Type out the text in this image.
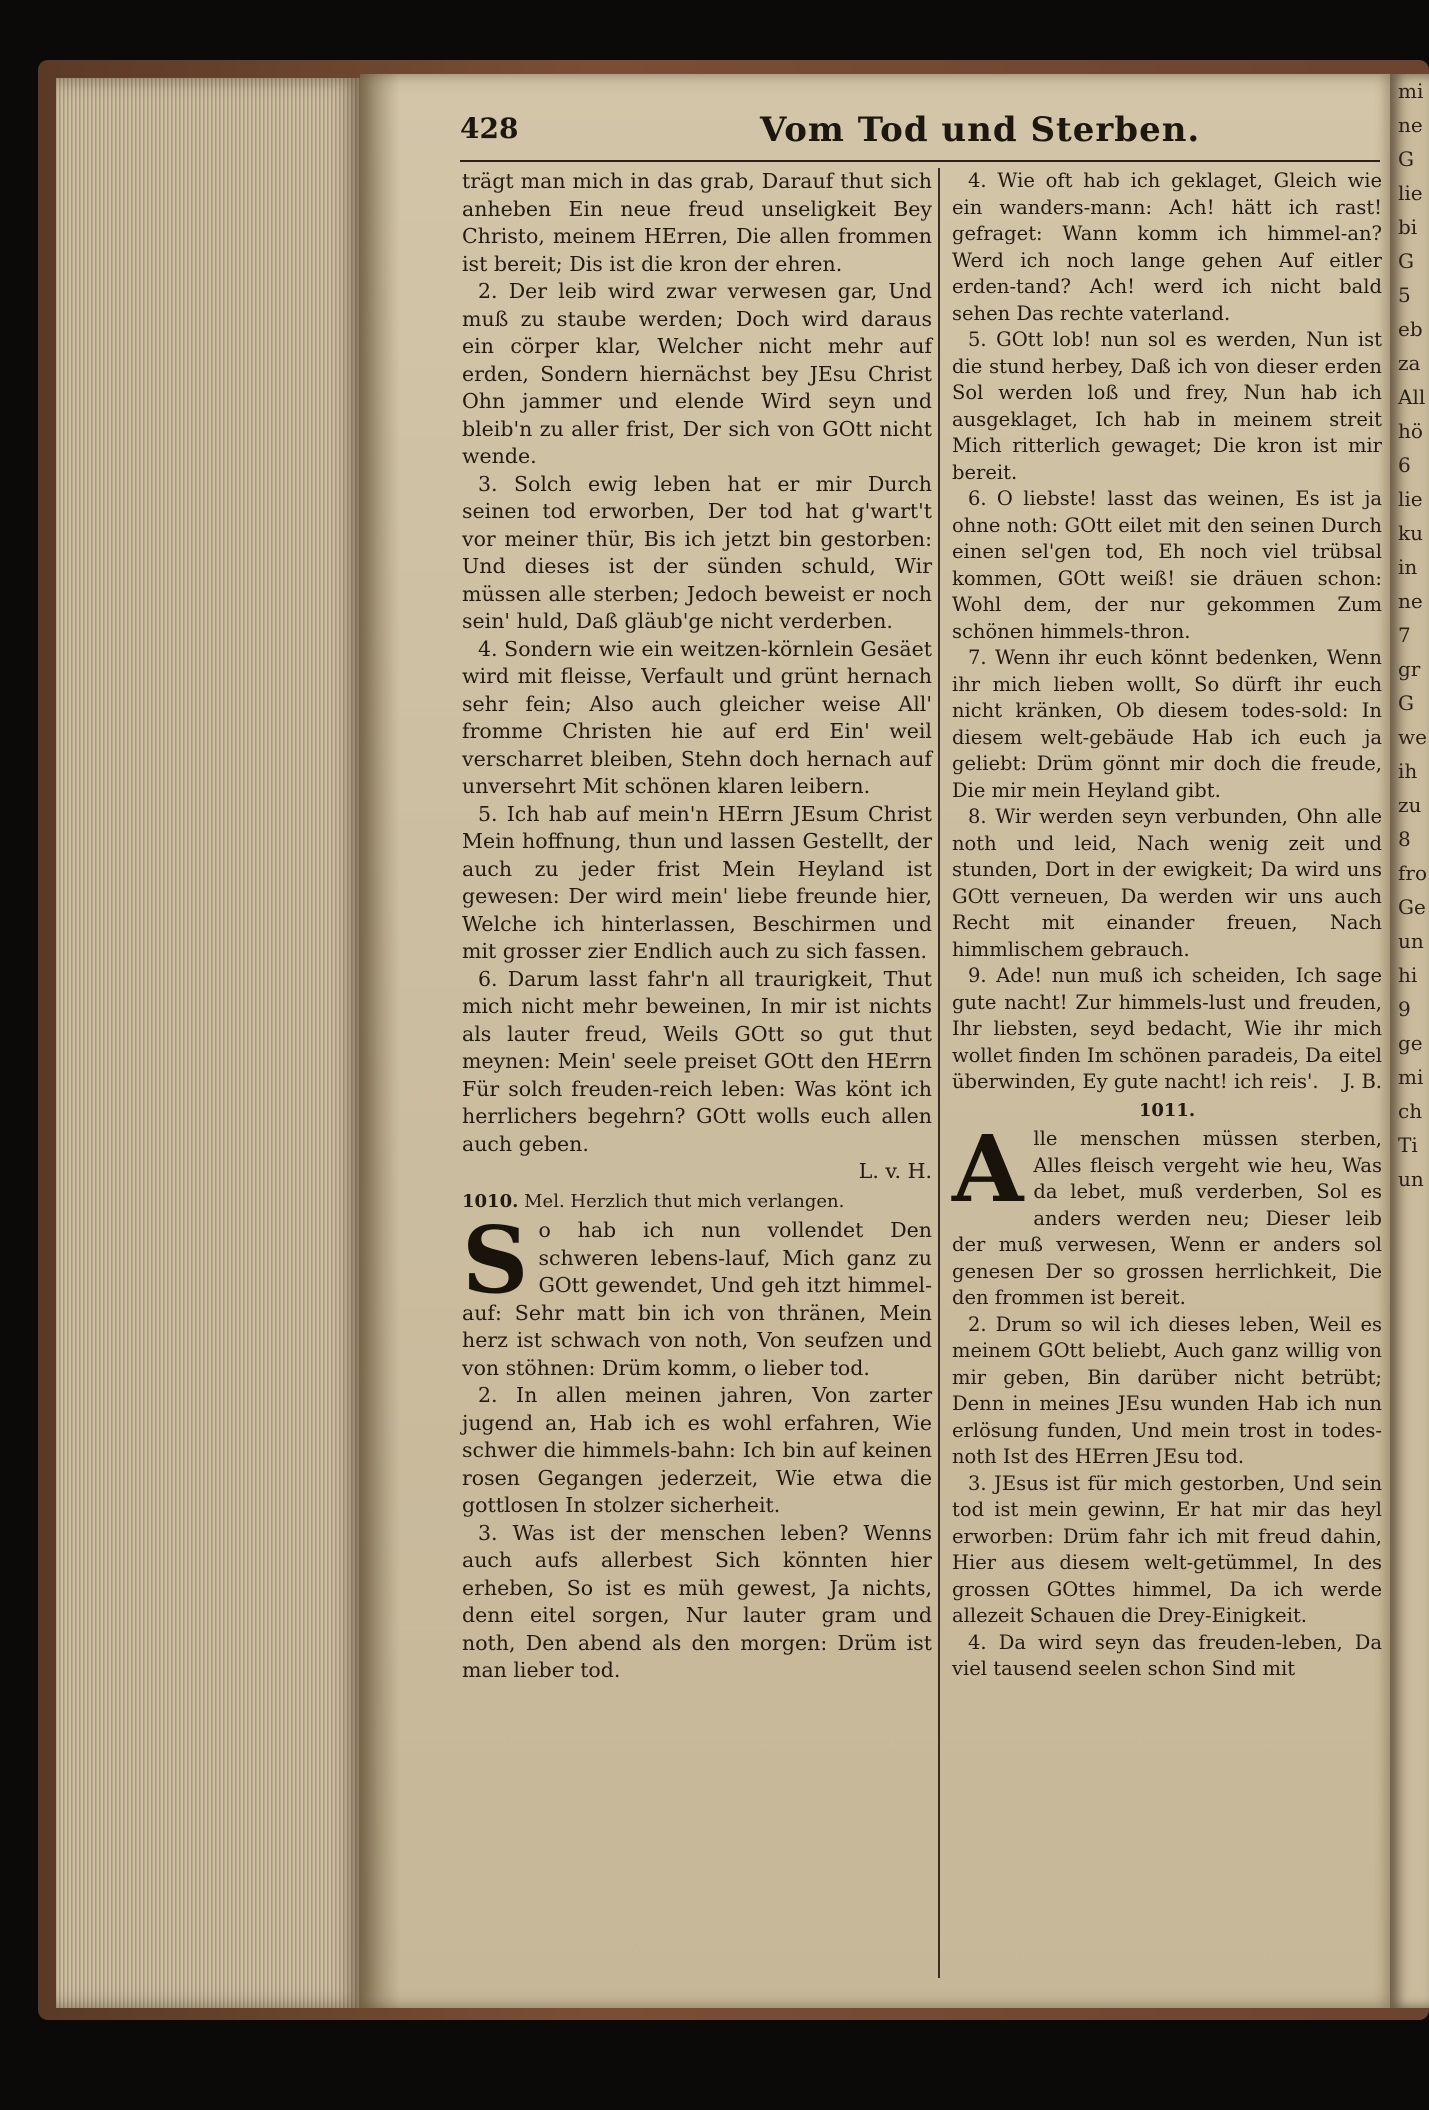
mi
ne
G
lie
bi
G
5
eb
za
All
hö
6
lie
ku
in
ne
7
gr
G
we
ih
zu
8
fro
Ge
un
hi
9
ge
mi
ch
Ti
un
428	Vom Tod und Sterben.

trägt man mich in das grab, Darauf thut sich anheben Ein neue freud unseligkeit Bey Christo, meinem HErren, Die allen frommen ist bereit; Dis ist die kron der ehren.

2. Der leib wird zwar verwesen gar, Und muß zu staube werden; Doch wird daraus ein cörper klar, Welcher nicht mehr auf erden, Sondern hiernächst bey JEsu Christ Ohn jammer und elende Wird seyn und bleib'n zu aller frist, Der sich von GOtt nicht wende.

3. Solch ewig leben hat er mir Durch seinen tod erworben, Der tod hat g'wart't vor meiner thür, Bis ich jetzt bin gestorben: Und dieses ist der sünden schuld, Wir müssen alle sterben; Jedoch beweist er noch sein' huld, Daß gläub'ge nicht verderben.

4. Sondern wie ein weitzen-körnlein Gesäet wird mit fleisse, Verfault und grünt hernach sehr fein; Also auch gleicher weise All' fromme Christen hie auf erd Ein' weil verscharret bleiben, Stehn doch hernach auf unversehrt Mit schönen klaren leibern.

5. Ich hab auf mein'n HErrn JEsum Christ Mein hoffnung, thun und lassen Gestellt, der auch zu jeder frist Mein Heyland ist gewesen: Der wird mein' liebe freunde hier, Welche ich hinterlassen, Beschirmen und mit grosser zier Endlich auch zu sich fassen.

6. Darum lasst fahr'n all traurigkeit, Thut mich nicht mehr beweinen, In mir ist nichts als lauter freud, Weils GOtt so gut thut meynen: Mein' seele preiset GOtt den HErrn Für solch freuden-reich leben: Was könt ich herrlichers begehrn? GOtt wolls euch allen auch geben.

L. v. H.

1010. Mel. Herzlich thut mich verlangen.

So hab ich nun vollendet Den schweren lebens-lauf, Mich ganz zu GOtt gewendet, Und geh itzt himmel-auf: Sehr matt bin ich von thränen, Mein herz ist schwach von noth, Von seufzen und von stöhnen: Drüm komm, o lieber tod.

2. In allen meinen jahren, Von zarter jugend an, Hab ich es wohl erfahren, Wie schwer die himmels-bahn: Ich bin auf keinen rosen Gegangen jederzeit, Wie etwa die gottlosen In stolzer sicherheit.

3. Was ist der menschen leben? Wenns auch aufs allerbest Sich könnten hier erheben, So ist es müh gewest, Ja nichts, denn eitel sorgen, Nur lauter gram und noth, Den abend als den morgen: Drüm ist man lieber tod.

4. Wie oft hab ich geklaget, Gleich wie ein wanders-mann: Ach! hätt ich rast! gefraget: Wann komm ich himmel-an? Werd ich noch lange gehen Auf eitler erden-tand? Ach! werd ich nicht bald sehen Das rechte vaterland.

5. GOtt lob! nun sol es werden, Nun ist die stund herbey, Daß ich von dieser erden Sol werden loß und frey, Nun hab ich ausgeklaget, Ich hab in meinem streit Mich ritterlich gewaget; Die kron ist mir bereit.

6. O liebste! lasst das weinen, Es ist ja ohne noth: GOtt eilet mit den seinen Durch einen sel'gen tod, Eh noch viel trübsal kommen, GOtt weiß! sie dräuen schon: Wohl dem, der nur gekommen Zum schönen himmels-thron.

7. Wenn ihr euch könnt bedenken, Wenn ihr mich lieben wollt, So dürft ihr euch nicht kränken, Ob diesem todes-sold: In diesem welt-gebäude Hab ich euch ja geliebt: Drüm gönnt mir doch die freude, Die mir mein Heyland gibt.

8. Wir werden seyn verbunden, Ohn alle noth und leid, Nach wenig zeit und stunden, Dort in der ewigkeit; Da wird uns GOtt verneuen, Da werden wir uns auch Recht mit einander freuen, Nach himmlischem gebrauch.

9. Ade! nun muß ich scheiden, Ich sage gute nacht! Zur himmels-lust und freuden, Ihr liebsten, seyd bedacht, Wie ihr mich wollet finden Im schönen paradeis, Da eitel überwinden, Ey gute nacht! ich reis'.	J. B.

1011.

Alle menschen müssen sterben, Alles fleisch vergeht wie heu, Was da lebet, muß verderben, Sol es anders werden neu; Dieser leib der muß verwesen, Wenn er anders sol genesen Der so grossen herrlichkeit, Die den frommen ist bereit.

2. Drum so wil ich dieses leben, Weil es meinem GOtt beliebt, Auch ganz willig von mir geben, Bin darüber nicht betrübt; Denn in meines JEsu wunden Hab ich nun erlösung funden, Und mein trost in todes-noth Ist des HErren JEsu tod.

3. JEsus ist für mich gestorben, Und sein tod ist mein gewinn, Er hat mir das heyl erworben: Drüm fahr ich mit freud dahin, Hier aus diesem welt-getümmel, In des grossen GOttes himmel, Da ich werde allezeit Schauen die Drey-Einigkeit.

4. Da wird seyn das freuden-leben, Da viel tausend seelen schon Sind mit
